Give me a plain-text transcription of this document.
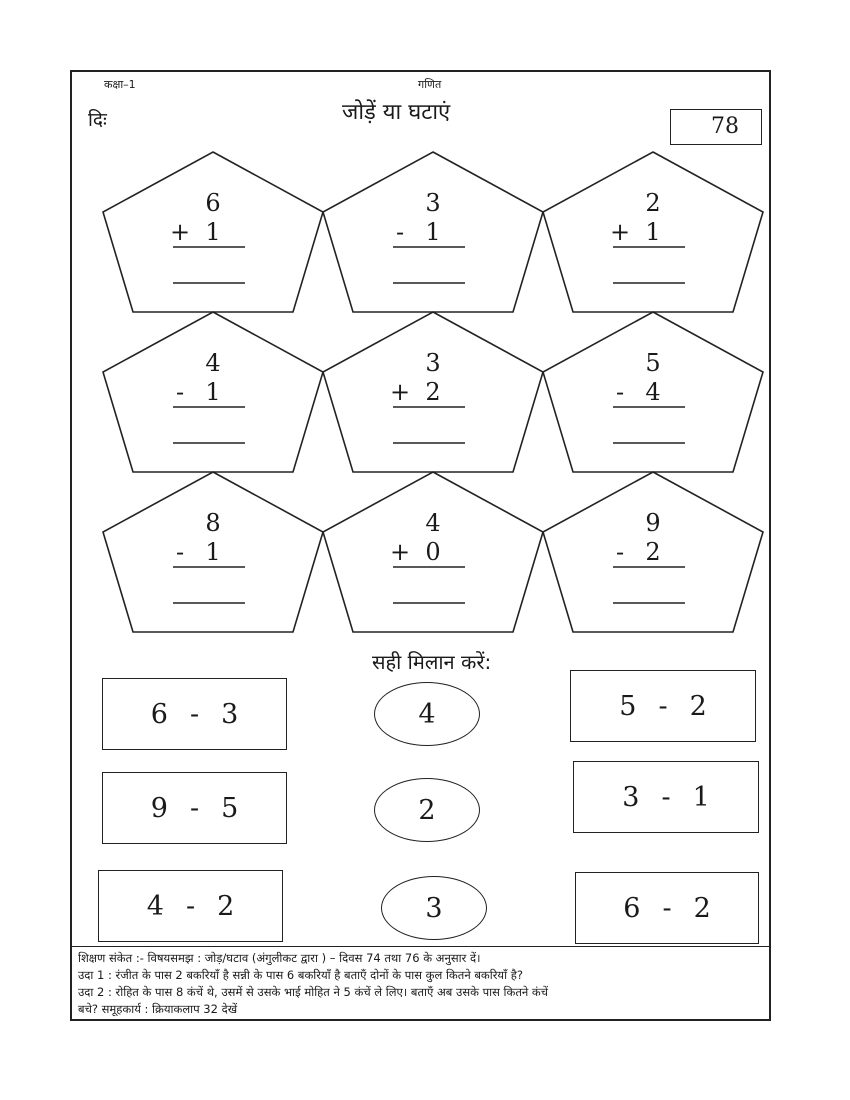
कक्षा–1	गणित
दिः	जोड़ें या घटाएं
78
सही मिलान करें:
6 - 3
9 - 5
4 - 2
4
2
3
5 - 2
3 - 1
6 - 2
शिक्षण संकेत :- विषयसमझ : जोड़/घटाव (अंगुलीकट द्वारा ) – दिवस 74 तथा 76 के अनुसार दें।
उदा 1 : रंजीत के पास 2 बकरियाँ है सन्नी के पास 6 बकरियाँ है बताएँ दोनों के पास कुल कितने बकरियाँ है?
उदा 2 : रोहित के पास 8 कंचें थे, उसमें से उसके भाई मोहित ने 5 कंचें ले लिए। बताएँ अब उसके पास कितने कंचें
बचे? समूहकार्य : क्रियाकलाप 32 देखें
6
+ 1
3
- 1
2
+ 1
4
- 1
3
+ 2
5
- 4
8
- 1
4
+ 0
9
- 2
